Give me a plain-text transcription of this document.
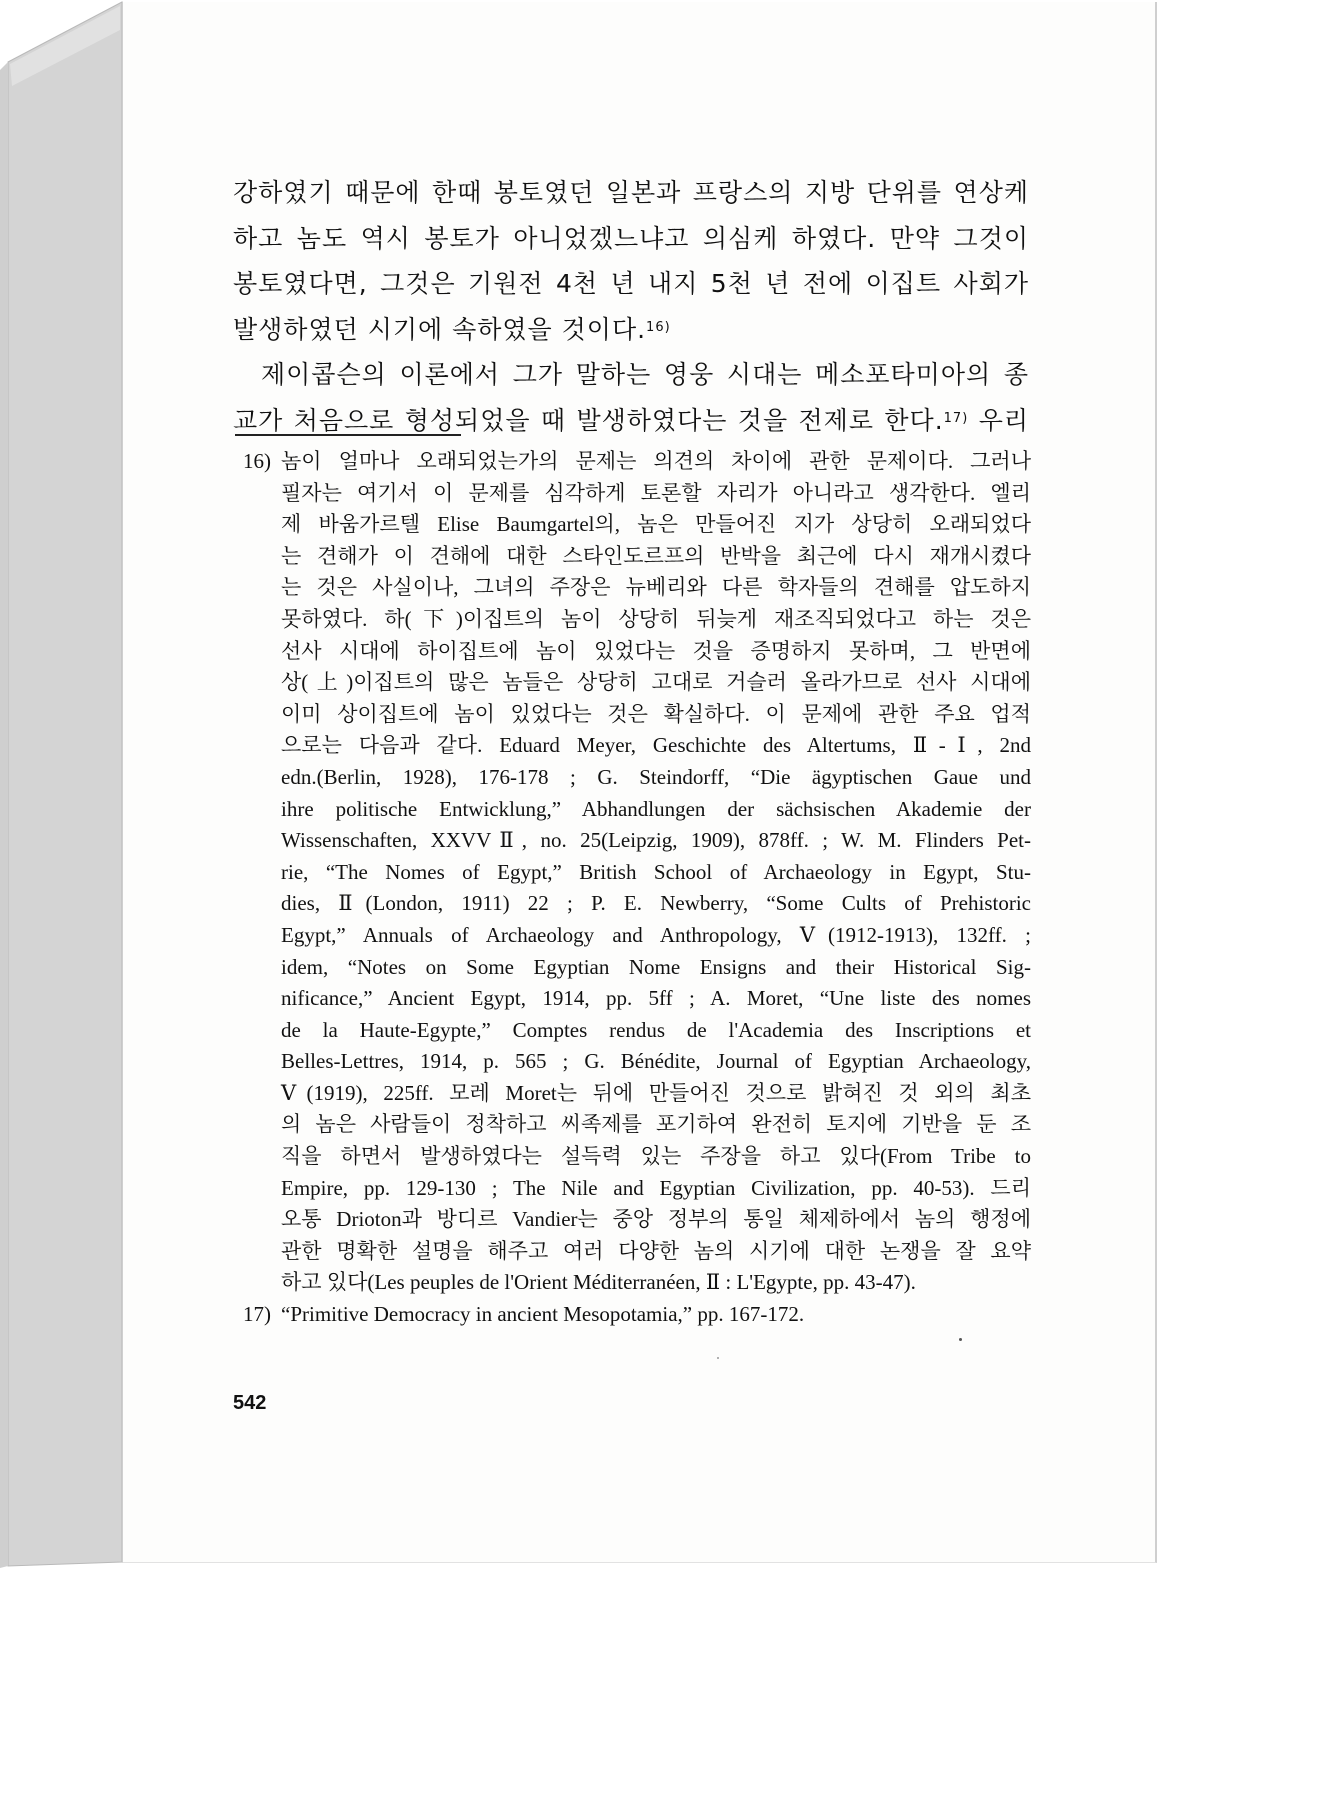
강하였기 때문에 한때 봉토였던 일본과 프랑스의 지방 단위를 연상케
하고 놈도 역시 봉토가 아니었겠느냐고 의심케 하였다. 만약 그것이
봉토였다면, 그것은 기원전 4천 년 내지 5천 년 전에 이집트 사회가
발생하였던 시기에 속하였을 것이다.$^{16)}$
제이콥슨의 이론에서 그가 말하는 영웅 시대는 메소포타미아의 종
교가 처음으로 형성되었을 때 발생하였다는 것을 전제로 한다.$^{17)}$ 우리
16) 놈이 얼마나 오래되었는가의 문제는 의견의 차이에 관한 문제이다. 그러나
필자는 여기서 이 문제를 심각하게 토론할 자리가 아니라고 생각한다. 엘리
제 바움가르텔 Elise Baumgartel의, 놈은 만들어진 지가 상당히 오래되었다
는 견해가 이 견해에 대한 스타인도르프의 반박을 최근에 다시 재개시켰다
는 것은 사실이나, 그녀의 주장은 뉴베리와 다른 학자들의 견해를 압도하지
못하였다. 하(下)이집트의 놈이 상당히 뒤늦게 재조직되었다고 하는 것은
선사 시대에 하이집트에 놈이 있었다는 것을 증명하지 못하며, 그 반면에
상(上)이집트의 많은 놈들은 상당히 고대로 거슬러 올라가므로 선사 시대에
이미 상이집트에 놈이 있었다는 것은 확실하다. 이 문제에 관한 주요 업적
으로는 다음과 같다. Eduard Meyer, Geschichte des Altertums, Ⅱ-Ⅰ, 2nd
edn.(Berlin, 1928), 176-178 ; G. Steindorff, “Die ägyptischen Gaue und
ihre politische Entwicklung,” Abhandlungen der sächsischen Akademie der
Wissenschaften, XXVVⅡ, no. 25(Leipzig, 1909), 878ff. ; W. M. Flinders Pet-
rie, “The Nomes of Egypt,” British School of Archaeology in Egypt, Stu-
dies, Ⅱ(London, 1911) 22 ; P. E. Newberry, “Some Cults of Prehistoric
Egypt,” Annuals of Archaeology and Anthropology, Ⅴ(1912-1913), 132ff. ;
idem, “Notes on Some Egyptian Nome Ensigns and their Historical Sig-
nificance,” Ancient Egypt, 1914, pp. 5ff ; A. Moret, “Une liste des nomes
de la Haute-Egypte,” Comptes rendus de l'Academia des Inscriptions et
Belles-Lettres, 1914, p. 565 ; G. Bénédite, Journal of Egyptian Archaeology,
Ⅴ(1919), 225ff. 모레 Moret는 뒤에 만들어진 것으로 밝혀진 것 외의 최초
의 놈은 사람들이 정착하고 씨족제를 포기하여 완전히 토지에 기반을 둔 조
직을 하면서 발생하였다는 설득력 있는 주장을 하고 있다(From Tribe to
Empire, pp. 129-130 ; The Nile and Egyptian Civilization, pp. 40-53). 드리
오통 Drioton과 방디르 Vandier는 중앙 정부의 통일 체제하에서 놈의 행정에
관한 명확한 설명을 해주고 여러 다양한 놈의 시기에 대한 논쟁을 잘 요약
하고 있다(Les peuples de l'Orient Méditerranéen, Ⅱ : L'Egypte, pp. 43-47).
17) “Primitive Democracy in ancient Mesopotamia,” pp. 167-172.
542
